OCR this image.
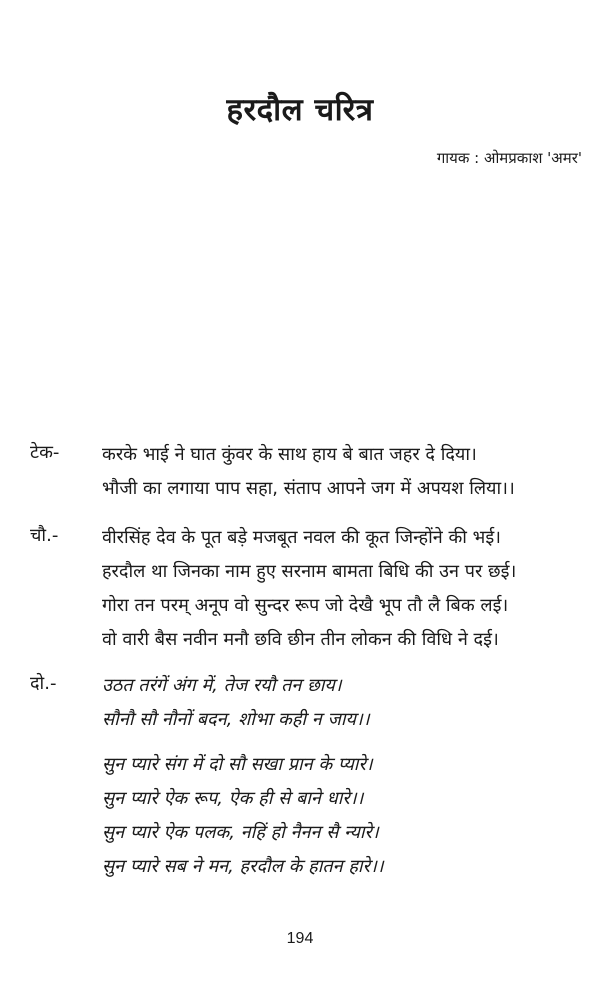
हरदौल चरित्र
गायक : ओमप्रकाश 'अमर'
टेक- करके भाई ने घात कुंवर के साथ हाय बे बात जहर दे दिया।
भौजी का लगाया पाप सहा, संताप आपने जग में अपयश लिया।।
चौ.- वीरसिंह देव के पूत बड़े मजबूत नवल की कूत जिन्होंने की भई।
हरदौल था जिनका नाम हुए सरनाम बामता बिधि की उन पर छई।
गोरा तन परम् अनूप वो सुन्दर रूप जो देखै भूप तौ लै बिक लई।
वो वारी बैस नवीन मनौ छवि छीन तीन लोकन की विधि ने दई।
दो.-	उठत तरंगें अंग में, तेज रयौ तन छाय।
सौनौ सौ नौनों बदन, शोभा कही न जाय।।
सुन प्यारे संग में दो सौ सखा प्रान के प्यारे।
सुन प्यारे ऐक रूप, ऐक ही से बाने धारे।।
सुन प्यारे ऐक पलक, नहिं हो नैनन सै न्यारे।
सुन प्यारे सब ने मन, हरदौल के हातन हारे।।
194
